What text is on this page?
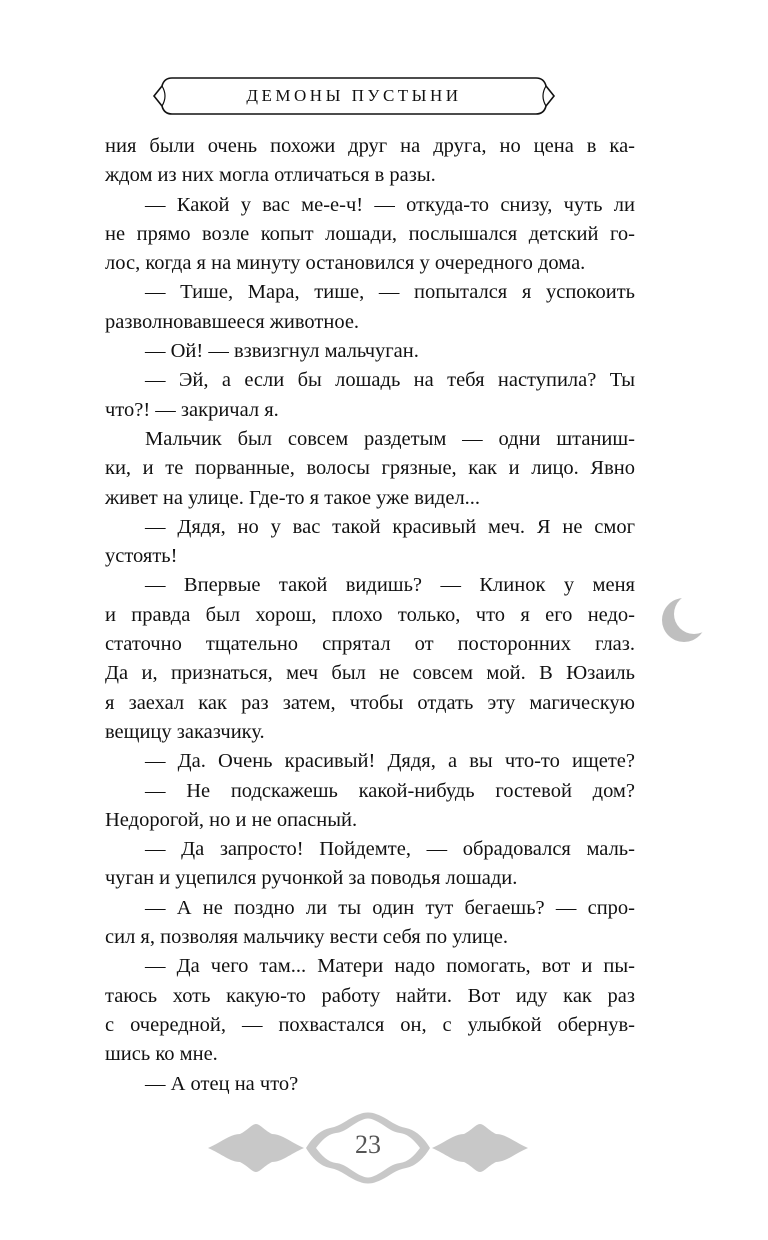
ДЕМОНЫ ПУСТЫНИ
ния были очень похожи друг на друга, но цена в ка-
ждом из них могла отличаться в разы.
— Какой у вас ме-е-ч! — откуда-то снизу, чуть ли
не прямо возле копыт лошади, послышался детский го-
лос, когда я на минуту остановился у очередного дома.
— Тише, Мара, тише, — попытался я успокоить
разволновавшееся животное.
— Ой! — взвизгнул мальчуган.
— Эй, а если бы лошадь на тебя наступила? Ты
что?! — закричал я.
Мальчик был совсем раздетым — одни штаниш-
ки, и те порванные, волосы грязные, как и лицо. Явно
живет на улице. Где-то я такое уже видел...
— Дядя, но у вас такой красивый меч. Я не смог
устоять!
— Впервые такой видишь? — Клинок у меня
и правда был хорош, плохо только, что я его недо-
статочно тщательно спрятал от посторонних глаз.
Да и, признаться, меч был не совсем мой. В Юзаиль
я заехал как раз затем, чтобы отдать эту магическую
вещицу заказчику.
— Да. Очень красивый! Дядя, а вы что-то ищете?
— Не подскажешь какой-нибудь гостевой дом?
Недорогой, но и не опасный.
— Да запросто! Пойдемте, — обрадовался маль-
чуган и уцепился ручонкой за поводья лошади.
— А не поздно ли ты один тут бегаешь? — спро-
сил я, позволяя мальчику вести себя по улице.
— Да чего там... Матери надо помогать, вот и пы-
таюсь хоть какую-то работу найти. Вот иду как раз
с очередной, — похвастался он, с улыбкой обернув-
шись ко мне.
— А отец на что?
23
